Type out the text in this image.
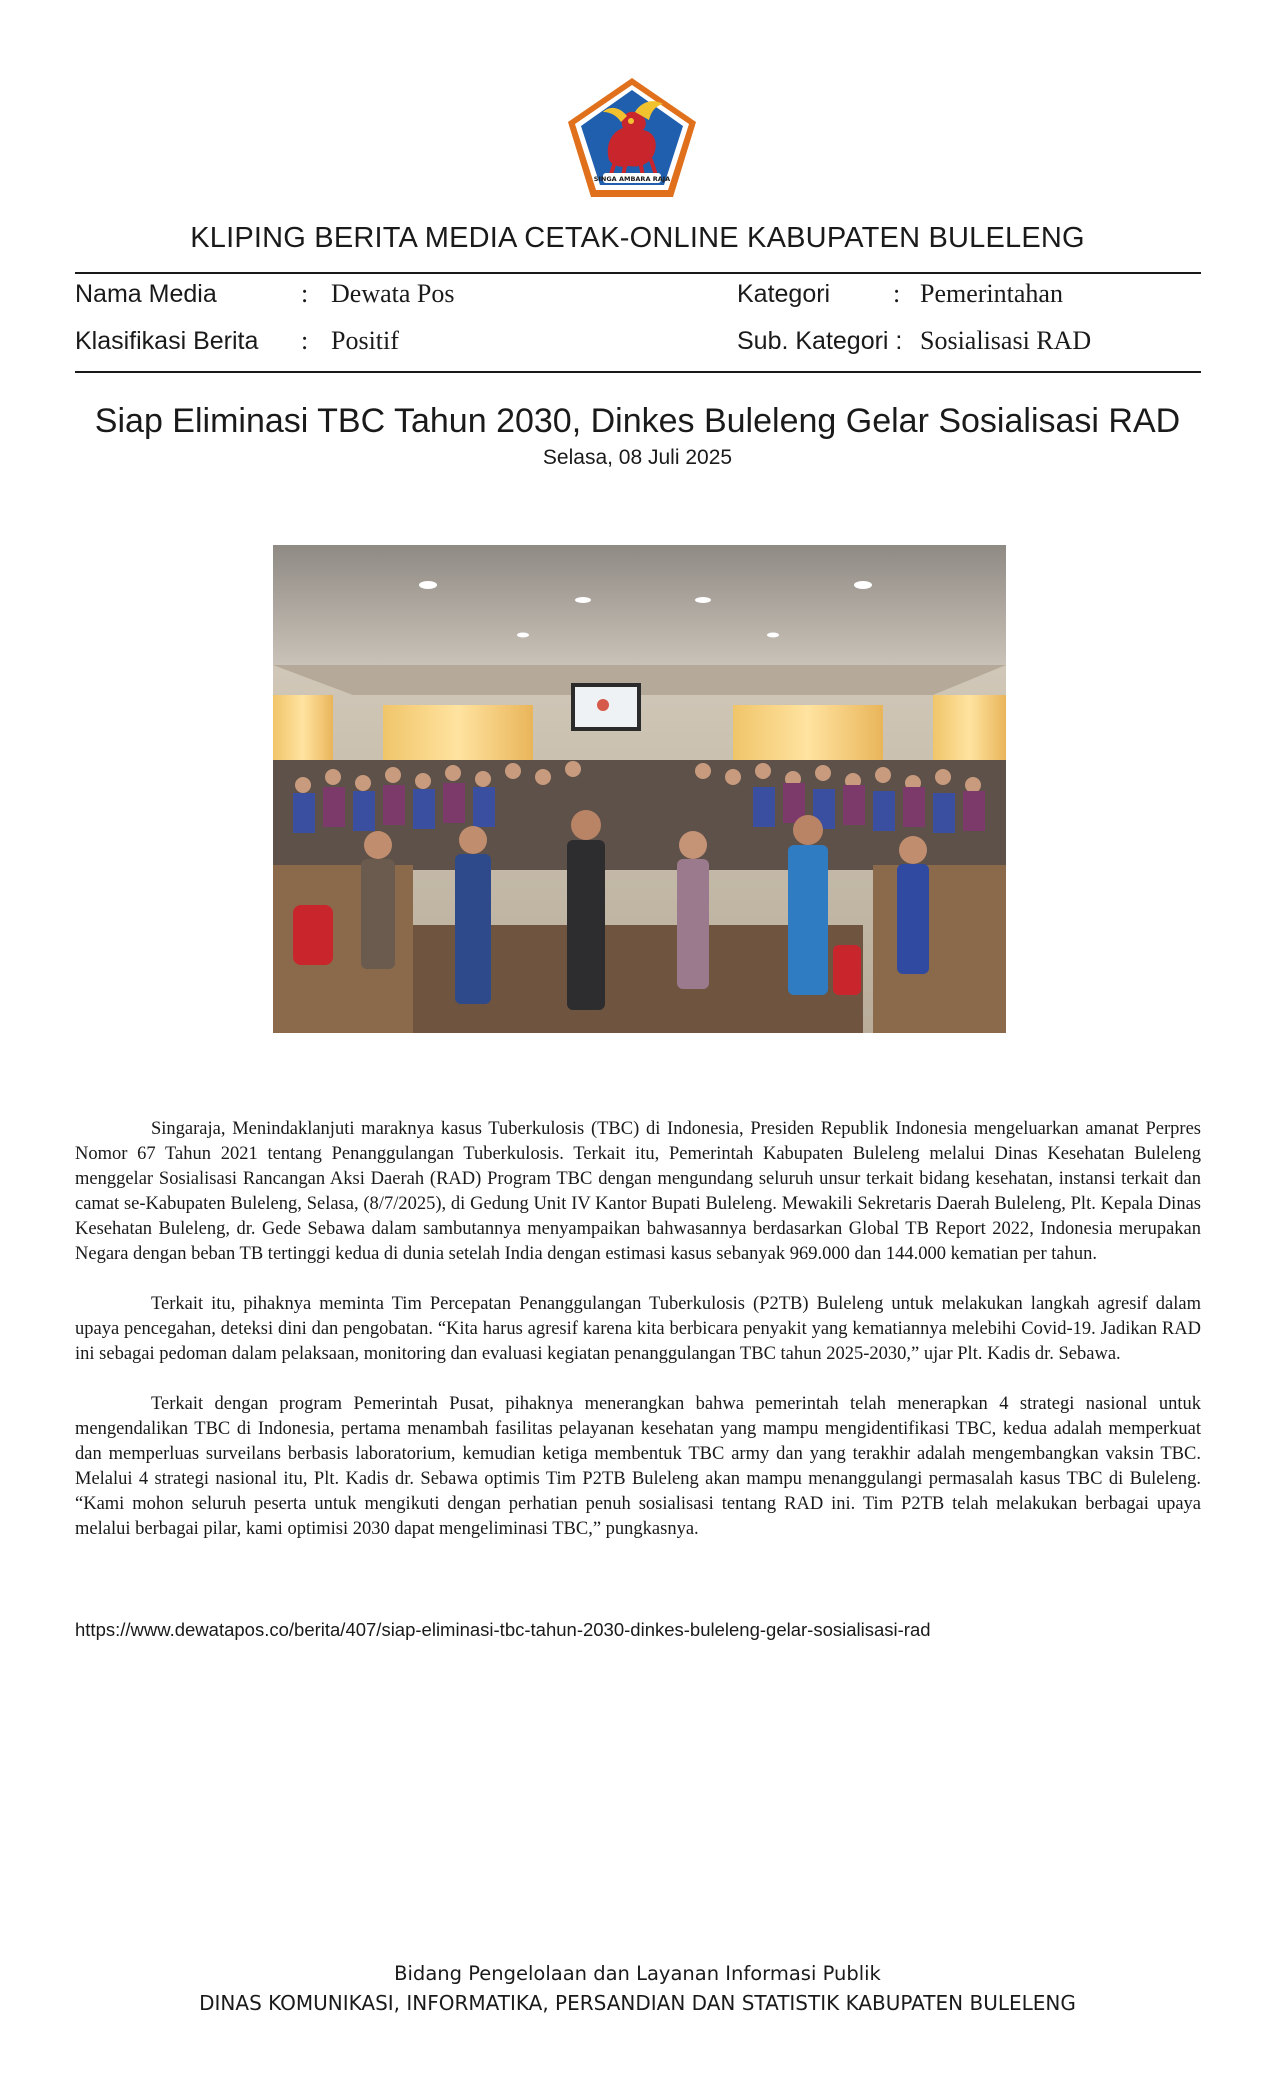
SINGA AMBARA RAJA
KLIPING BERITA MEDIA CETAK-ONLINE KABUPATEN BULELENG
Nama Media	: Dewata Pos	Kategori : Pemerintahan
Klasifikasi Berita : Positif	Sub. Kategori : Sosialisasi RAD
Siap Eliminasi TBC Tahun 2030, Dinkes Buleleng Gelar Sosialisasi RAD
Selasa, 08 Juli 2025

Singaraja, Menindaklanjuti maraknya kasus Tuberkulosis (TBC) di Indonesia, Presiden Republik Indonesia mengeluarkan amanat Perpres Nomor 67 Tahun 2021 tentang Penanggulangan Tuberkulosis. Terkait itu, Pemerintah Kabupaten Buleleng melalui Dinas Kesehatan Buleleng menggelar Sosialisasi Rancangan Aksi Daerah (RAD) Program TBC dengan mengundang seluruh unsur terkait bidang kesehatan, instansi terkait dan camat se-Kabupaten Buleleng, Selasa, (8/7/2025), di Gedung Unit IV Kantor Bupati Buleleng. Mewakili Sekretaris Daerah Buleleng, Plt. Kepala Dinas Kesehatan Buleleng, dr. Gede Sebawa dalam sambutannya menyampaikan bahwasannya berdasarkan Global TB Report 2022, Indonesia merupakan Negara dengan beban TB tertinggi kedua di dunia setelah India dengan estimasi kasus sebanyak 969.000 dan 144.000 kematian per tahun.

Terkait itu, pihaknya meminta Tim Percepatan Penanggulangan Tuberkulosis (P2TB) Buleleng untuk melakukan langkah agresif dalam upaya pencegahan, deteksi dini dan pengobatan. “Kita harus agresif karena kita berbicara penyakit yang kematiannya melebihi Covid-19. Jadikan RAD ini sebagai pedoman dalam pelaksaan, monitoring dan evaluasi kegiatan penanggulangan TBC tahun 2025-2030,” ujar Plt. Kadis dr. Sebawa.

Terkait dengan program Pemerintah Pusat, pihaknya menerangkan bahwa pemerintah telah menerapkan 4 strategi nasional untuk mengendalikan TBC di Indonesia, pertama menambah fasilitas pelayanan kesehatan yang mampu mengidentifikasi TBC, kedua adalah memperkuat dan memperluas surveilans berbasis laboratorium, kemudian ketiga membentuk TBC army dan yang terakhir adalah mengembangkan vaksin TBC. Melalui 4 strategi nasional itu, Plt. Kadis dr. Sebawa optimis Tim P2TB Buleleng akan mampu menanggulangi permasalah kasus TBC di Buleleng. “Kami mohon seluruh peserta untuk mengikuti dengan perhatian penuh sosialisasi tentang RAD ini. Tim P2TB telah melakukan berbagai upaya melalui berbagai pilar, kami optimisi 2030 dapat mengeliminasi TBC,” pungkasnya.

https://www.dewatapos.co/berita/407/siap-eliminasi-tbc-tahun-2030-dinkes-buleleng-gelar-sosialisasi-rad
Bidang Pengelolaan dan Layanan Informasi Publik
DINAS KOMUNIKASI, INFORMATIKA, PERSANDIAN DAN STATISTIK KABUPATEN BULELENG
